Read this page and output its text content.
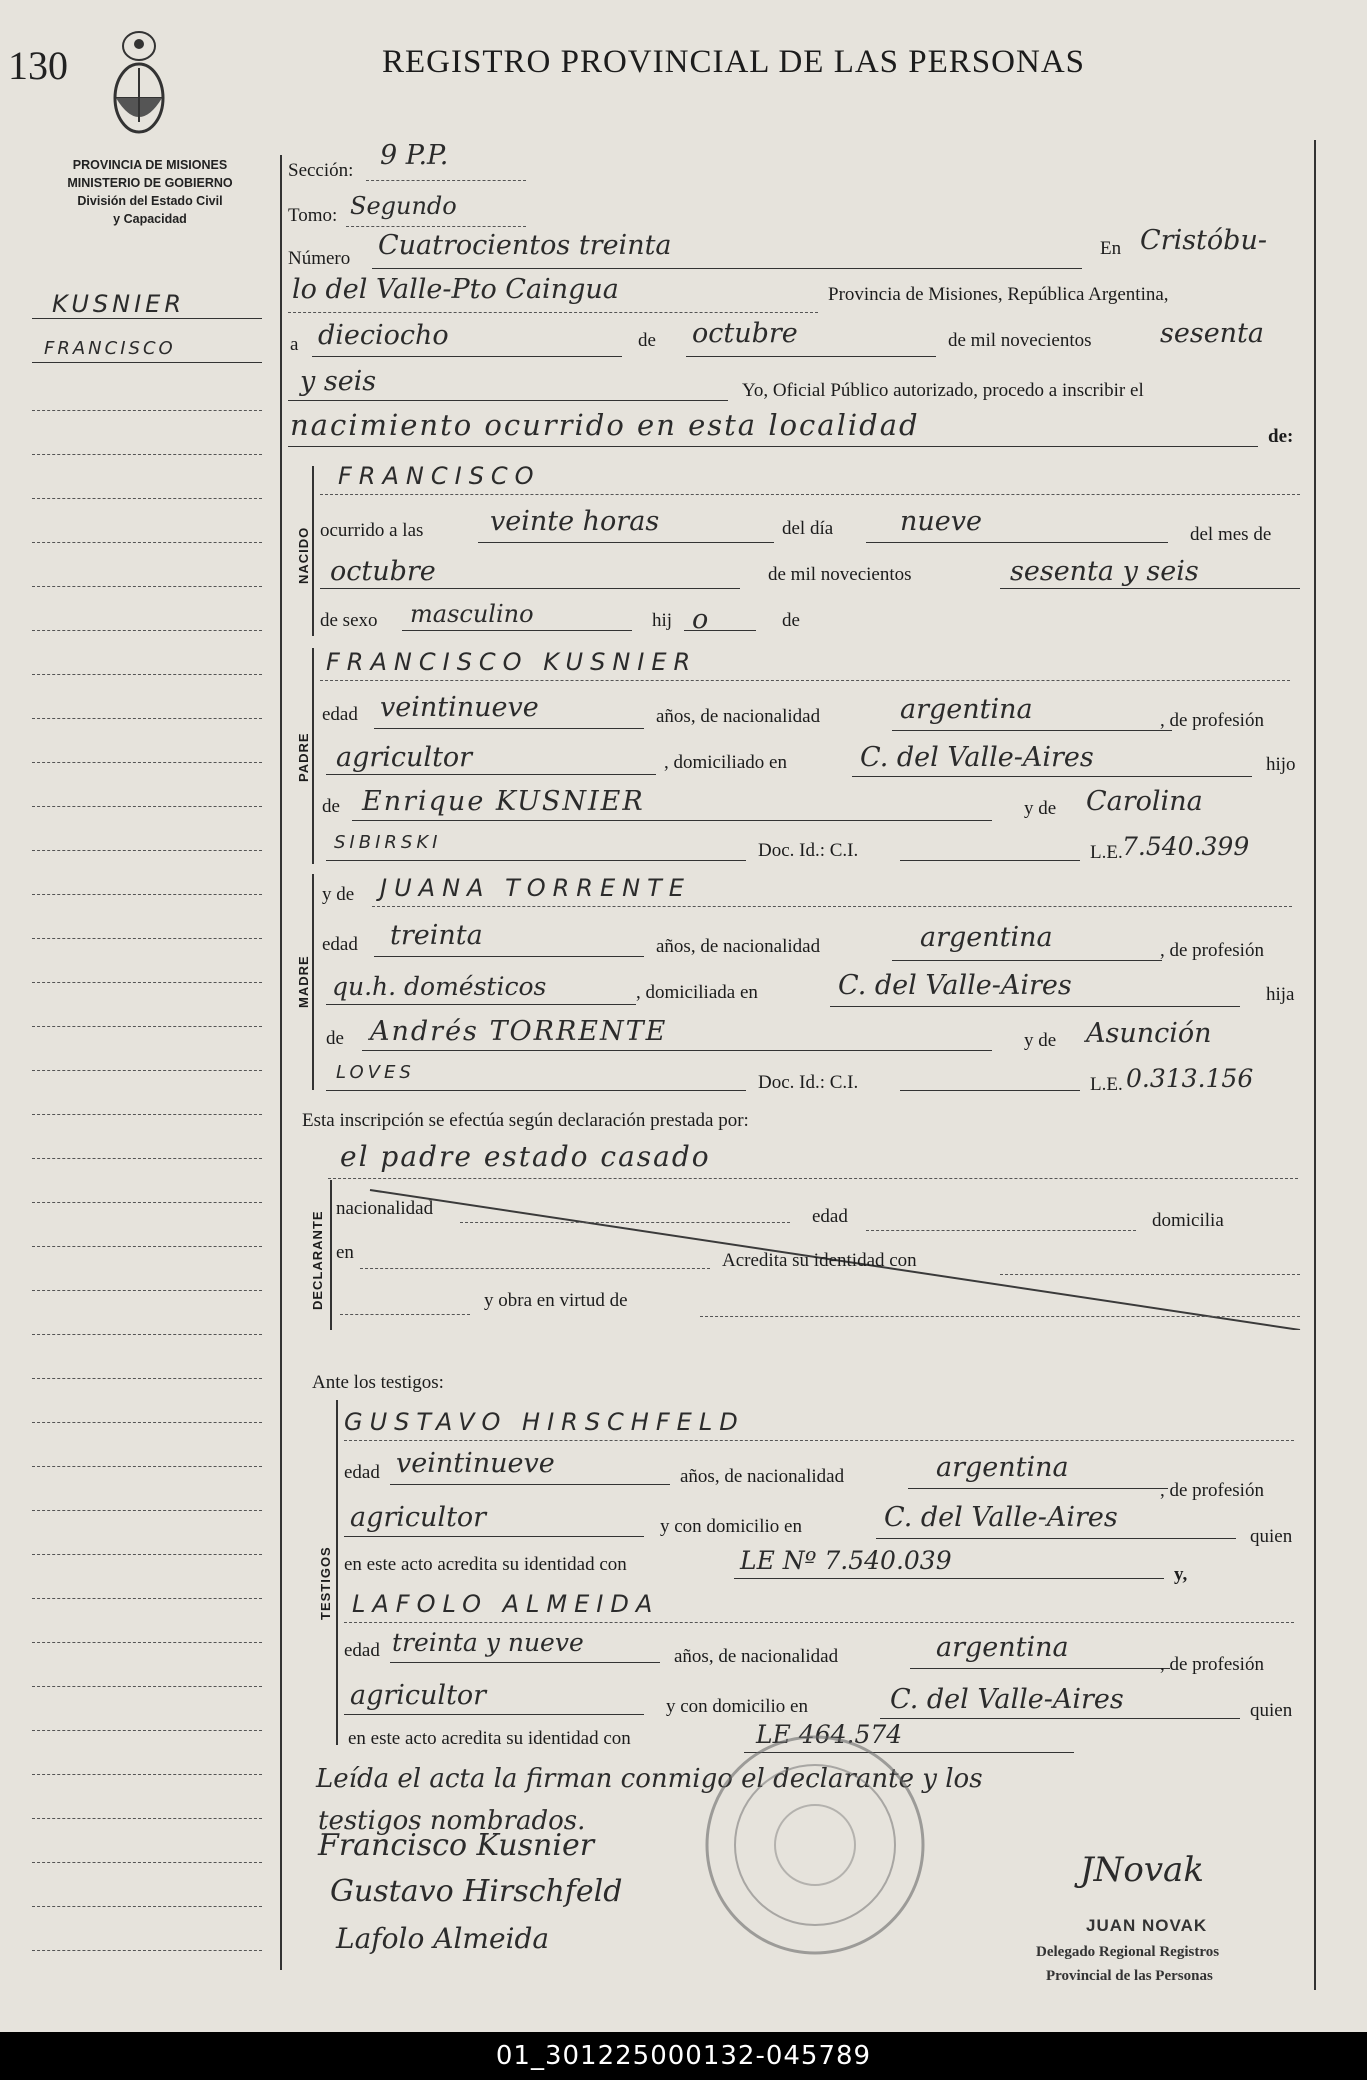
130	REGISTRO PROVINCIAL DE LAS PERSONAS
PROVINCIA DE MISIONES
MINISTERIO DE GOBIERNO
División del Estado Civil
y Capacidad
KUSNIER
FRANCISCO
Sección: 9 P.P.
Tomo: Segundo
Número Cuatrocientos treinta	En Cristóbu-
lo del Valle-Pto Caingua	Provincia de Misiones, República Argentina,
a dieciocho	de octubre	de mil novecientos	sesenta
y seis	Yo, Oficial Público autorizado, procedo a inscribir el
nacimiento ocurrido en esta localidad	de:
NACIDO
FRANCISCO
ocurrido a las veinte horas	del día nueve	del mes de
octubre	de mil novecientos	sesenta y seis
de sexo masculino	hij o	de
PADRE
FRANCISCO KUSNIER
edad veintinueve	años, de nacionalidad	argentina	, de profesión
agricultor	, domiciliado en	C. del Valle-Aires	hijo
de Enrique KUSNIER	y de Carolina
SIBIRSKI	Doc. Id.: C.I.	L.E. 7.540.399
MADRE
y de JUANA TORRENTE
edad treinta	años, de nacionalidad	argentina	, de profesión
qu.h. domésticos	, domiciliada en	C. del Valle-Aires	hija
de Andrés TORRENTE	y de Asunción
LOVES	Doc. Id.: C.I.	L.E. 0.313.156
Esta inscripción se efectúa según declaración prestada por:
el padre estado casado
DECLARANTE
nacionalidad	edad	domicilia
en	Acredita su identidad con
y obra en virtud de
Ante los testigos:
TESTIGOS
GUSTAVO HIRSCHFELD
edad veintinueve	años, de nacionalidad	argentina
, de profesión
agricultor	y con domicilio en	C. del Valle-Aires
quien
en este acto acredita su identidad con	LE Nº 7.540.039	y,
LAFOLO ALMEIDA
edad treinta y nueve	años, de nacionalidad	argentina
, de profesión
agricultor	y con domicilio en	C. del Valle-Aires	quien
en este acto acredita su identidad con	LE 464.574
Leída el acta la firman conmigo el declarante y los
testigos nombrados.
Francisco Kusnier
Gustavo Hirschfeld
Lafolo Almeida
JNovak
JUAN NOVAK
Delegado Regional Registros
Provincial de las Personas
01_301225000132-045789
